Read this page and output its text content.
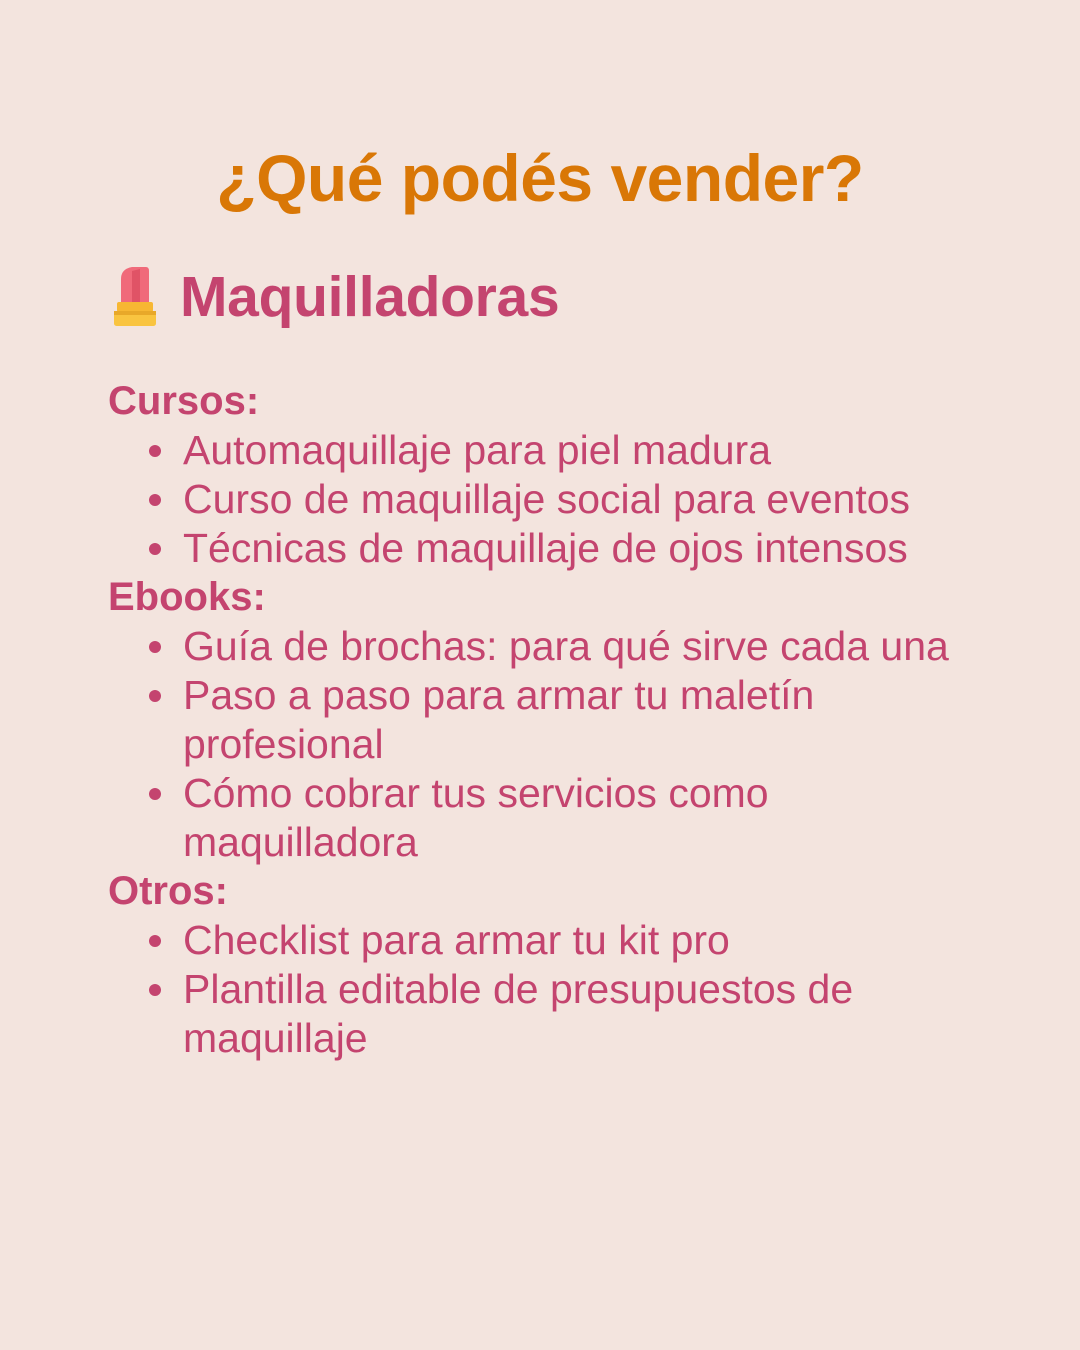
¿Qué podés vender?
Maquilladoras
Cursos:
Automaquillaje para piel madura
Curso de maquillaje social para eventos
Técnicas de maquillaje de ojos intensos
Ebooks:
Guía de brochas: para qué sirve cada una
Paso a paso para armar tu maletín profesional
Cómo cobrar tus servicios como maquilladora
Otros:
Checklist para armar tu kit pro
Plantilla editable de presupuestos de maquillaje
